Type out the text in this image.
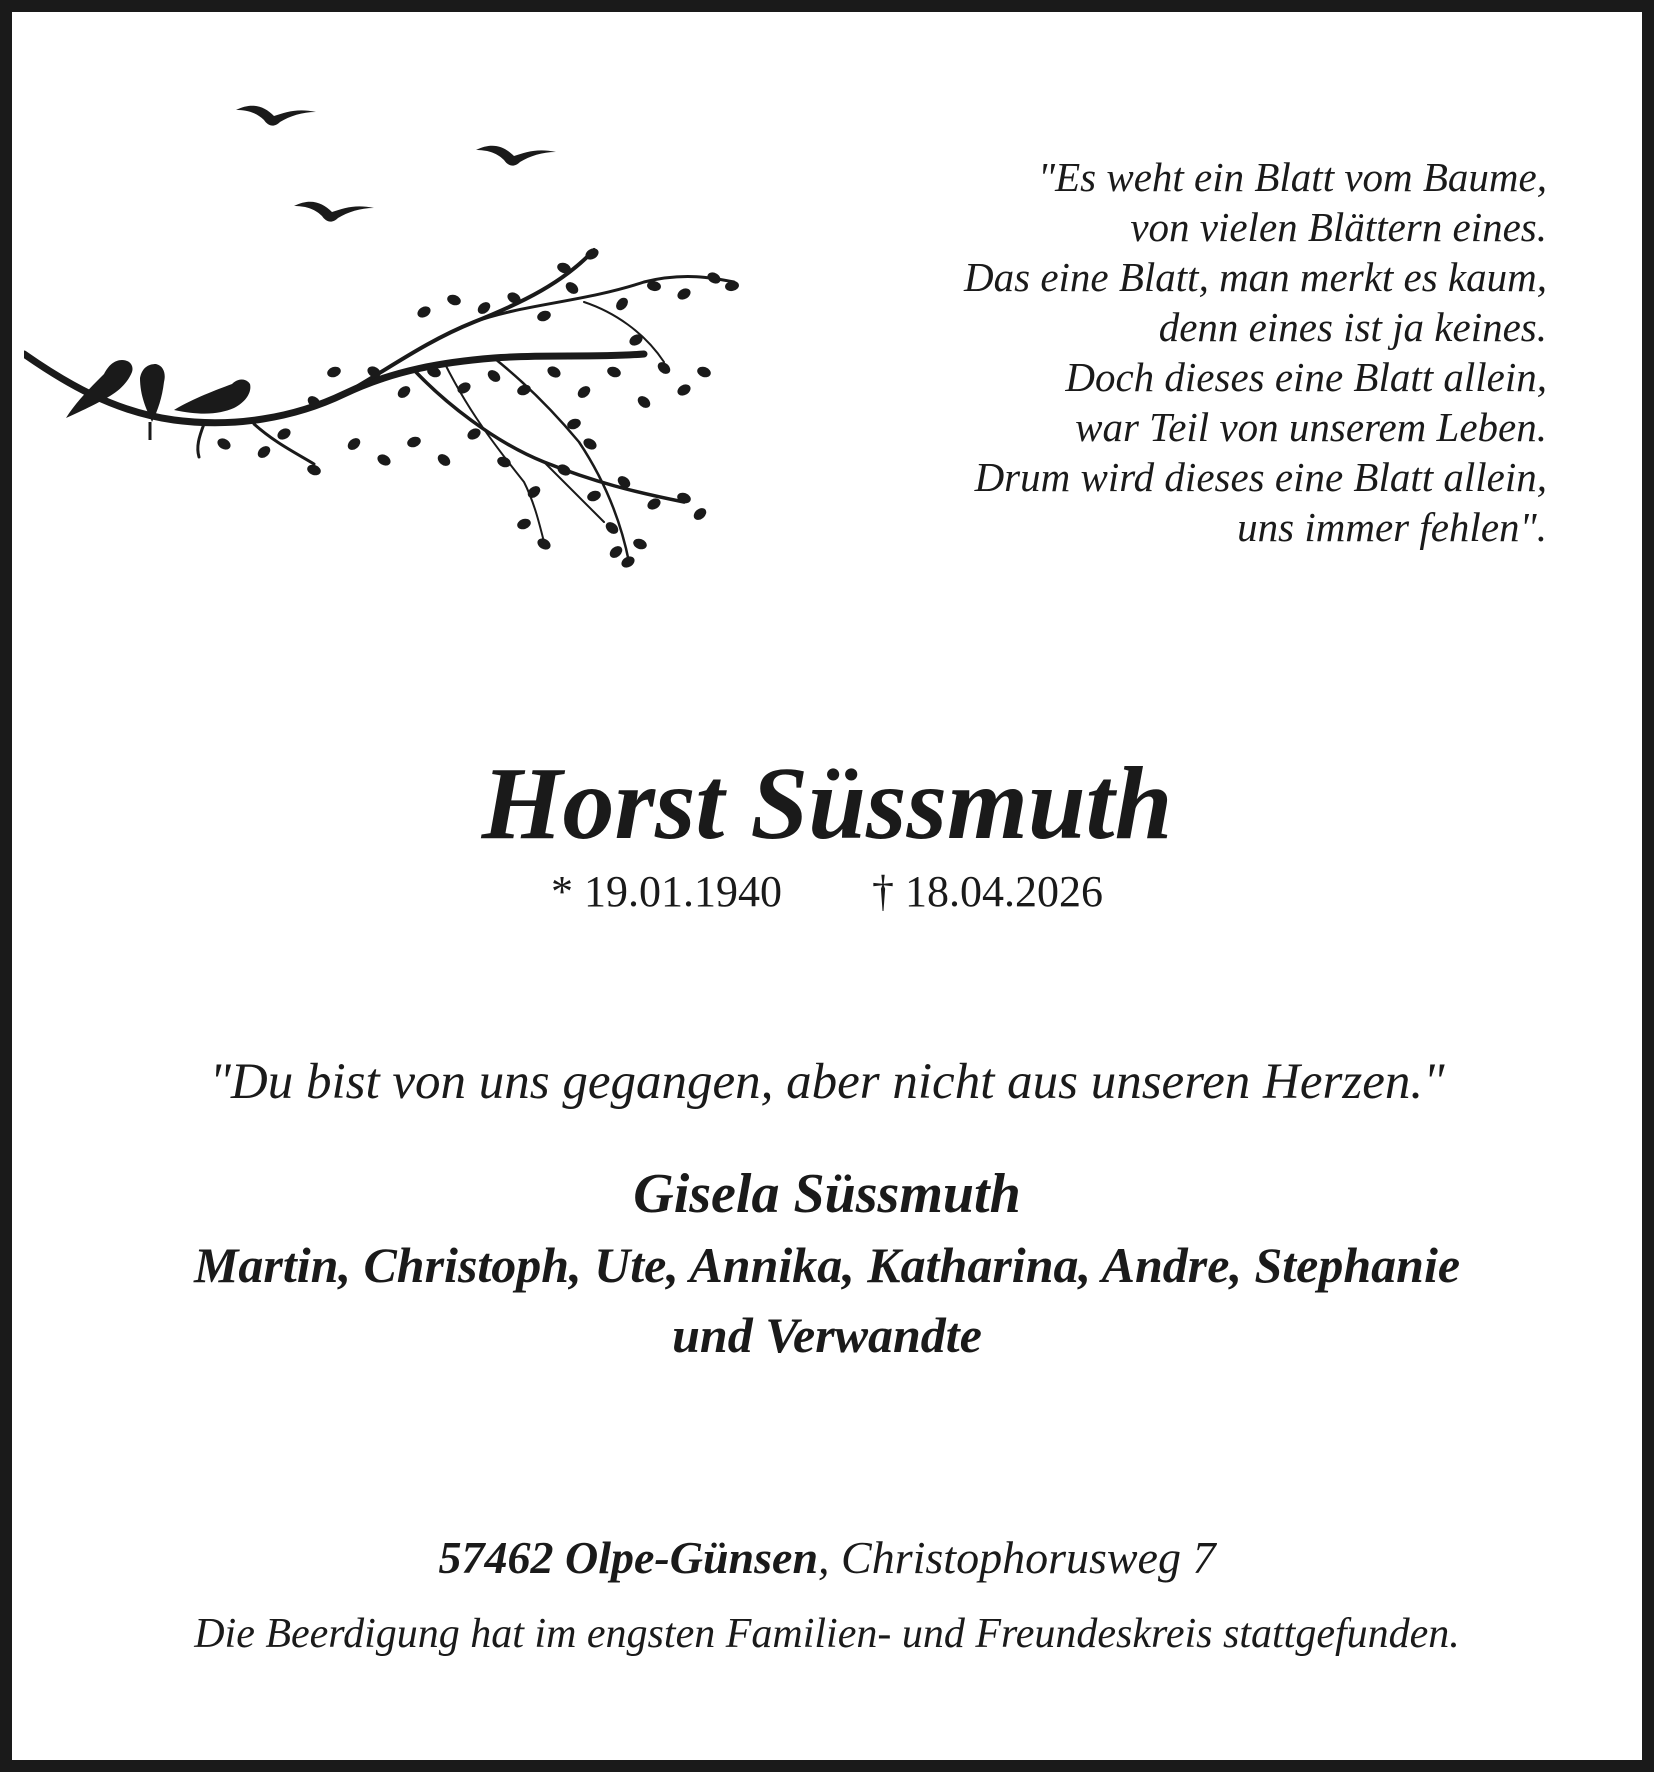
"Es weht ein Blatt vom Baume,
von vielen Blättern eines.
Das eine Blatt, man merkt es kaum,
denn eines ist ja keines.
Doch dieses eine Blatt allein,
war Teil von unserem Leben.
Drum wird dieses eine Blatt allein,
uns immer fehlen".
Horst Süssmuth
* 19.01.1940 † 18.04.2026
"Du bist von uns gegangen, aber nicht aus unseren Herzen."
Gisela Süssmuth
Martin, Christoph, Ute, Annika, Katharina, Andre, Stephanie
und Verwandte
57462 Olpe-Günsen, Christophorusweg 7
Die Beerdigung hat im engsten Familien- und Freundeskreis stattgefunden.
